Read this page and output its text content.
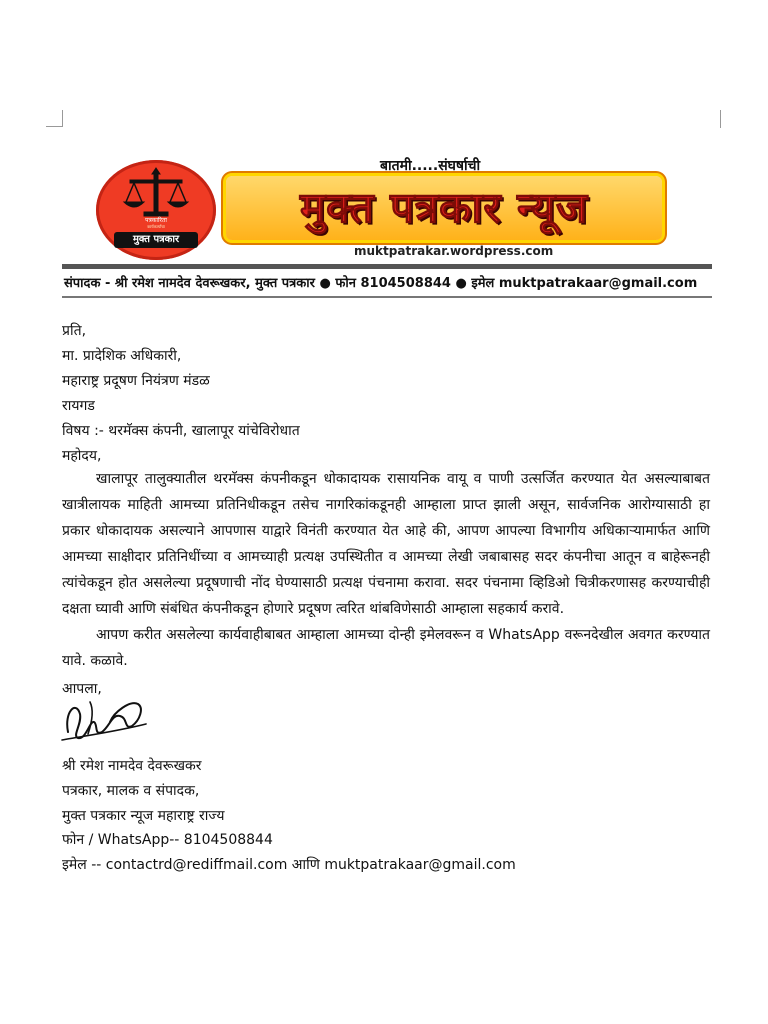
पत्रकारिता
कार्यकर्त्यांचा
मुक्त पत्रकार
बातमी.....संघर्षाची
मुक्त पत्रकार न्यूज
muktpatrakar.wordpress.com
संपादक - श्री रमेश नामदेव देवरूखकर, मुक्त पत्रकार ● फोन 8104508844 ● इमेल muktpatrakaar@gmail.com
प्रति,
मा. प्रादेशिक अधिकारी,
महाराष्ट्र प्रदूषण नियंत्रण मंडळ
रायगड
विषय :- थरमॅक्स कंपनी, खालापूर यांचेविरोधात
महोदय,

खालापूर तालुक्यातील थरमॅक्स कंपनीकडून धोकादायक रासायनिक वायू व पाणी उत्सर्जित करण्यात येत असल्याबाबत खात्रीलायक माहिती आमच्या प्रतिनिधीकडून तसेच नागरिकांकडूनही आम्हाला प्राप्त झाली असून, सार्वजनिक आरोग्यासाठी हा प्रकार धोकादायक असल्याने आपणास याद्वारे विनंती करण्यात येत आहे की, आपण आपल्या विभागीय अधिकाऱ्यामार्फत आणि आमच्या साक्षीदार प्रतिनिधींच्या व आमच्याही प्रत्यक्ष उपस्थितीत व आमच्या लेखी जबाबासह सदर कंपनीचा आतून व बाहेरूनही त्यांचेकडून होत असलेल्या प्रदूषणाची नोंद घेण्यासाठी प्रत्यक्ष पंचनामा करावा. सदर पंचनामा व्हिडिओ चित्रीकरणासह करण्याचीही दक्षता घ्यावी आणि संबंधित कंपनीकडून होणारे प्रदूषण त्वरित थांबविणेसाठी आम्हाला सहकार्य करावे.

आपण करीत असलेल्या कार्यवाहीबाबत आम्हाला आमच्या दोन्ही इमेलवरून व WhatsApp वरूनदेखील अवगत करण्यात यावे. कळावे.

आपला,
श्री रमेश नामदेव देवरूखकर
पत्रकार, मालक व संपादक,
मुक्त पत्रकार न्यूज महाराष्ट्र राज्य
फोन / WhatsApp-- 8104508844
इमेल -- contactrd@rediffmail.com आणि muktpatrakaar@gmail.com
